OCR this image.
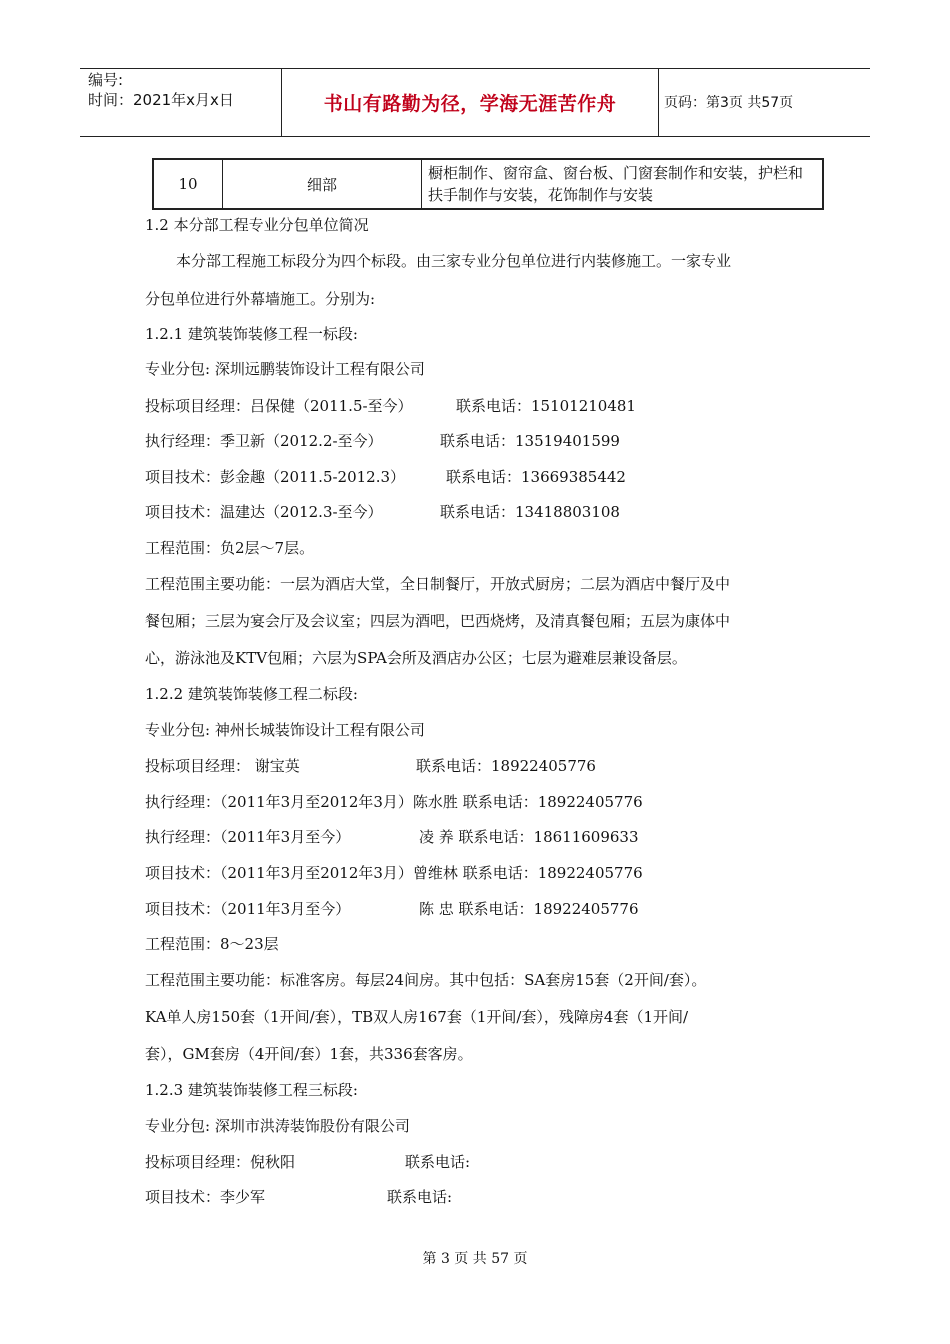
编号:
时间：2021年x月x日	书山有路勤为径，学海无涯苦作舟	页码：第3页 共57页
10	细部	橱柜制作、窗帘盒、窗台板、门窗套制作和安装，护栏和扶手制作与安装，花饰制作与安装
1.2 本分部工程专业分包单位简况
本分部工程施工标段分为四个标段。由三家专业分包单位进行内装修施工。一家专业
分包单位进行外幕墙施工。分别为:
1.2.1 建筑装饰装修工程一标段:
专业分包: 深圳远鹏装饰设计工程有限公司
投标项目经理：吕保健（2011.5-至今）	联系电话：15101210481
执行经理：季卫新（2012.2-至今）	联系电话：13519401599
项目技术：彭金趣（2011.5-2012.3）	联系电话：13669385442
项目技术：温建达（2012.3-至今）	联系电话：13418803108
工程范围：负2层～7层。
工程范围主要功能：一层为酒店大堂，全日制餐厅，开放式厨房；二层为酒店中餐厅及中
餐包厢；三层为宴会厅及会议室；四层为酒吧，巴西烧烤，及清真餐包厢；五层为康体中
心，游泳池及KTV包厢；六层为SPA会所及酒店办公区；七层为避难层兼设备层。
1.2.2 建筑装饰装修工程二标段:
专业分包: 神州长城装饰设计工程有限公司
投标项目经理： 谢宝英	联系电话：18922405776
执行经理：（2011年3月至2012年3月）陈水胜 联系电话：18922405776
执行经理：（2011年3月至今）	凌 养 联系电话：18611609633
项目技术：（2011年3月至2012年3月）曾维林 联系电话：18922405776
项目技术：（2011年3月至今）	陈 忠 联系电话：18922405776
工程范围：8～23层
工程范围主要功能：标准客房。每层24间房。其中包括：SA套房15套（2开间/套）。
KA单人房150套（1开间/套），TB双人房167套（1开间/套），残障房4套（1开间/
套），GM套房（4开间/套）1套，共336套客房。
1.2.3 建筑装饰装修工程三标段:
专业分包: 深圳市洪涛装饰股份有限公司
投标项目经理：倪秋阳	联系电话:
项目技术：李少军	联系电话:
第 3 页 共 57 页
